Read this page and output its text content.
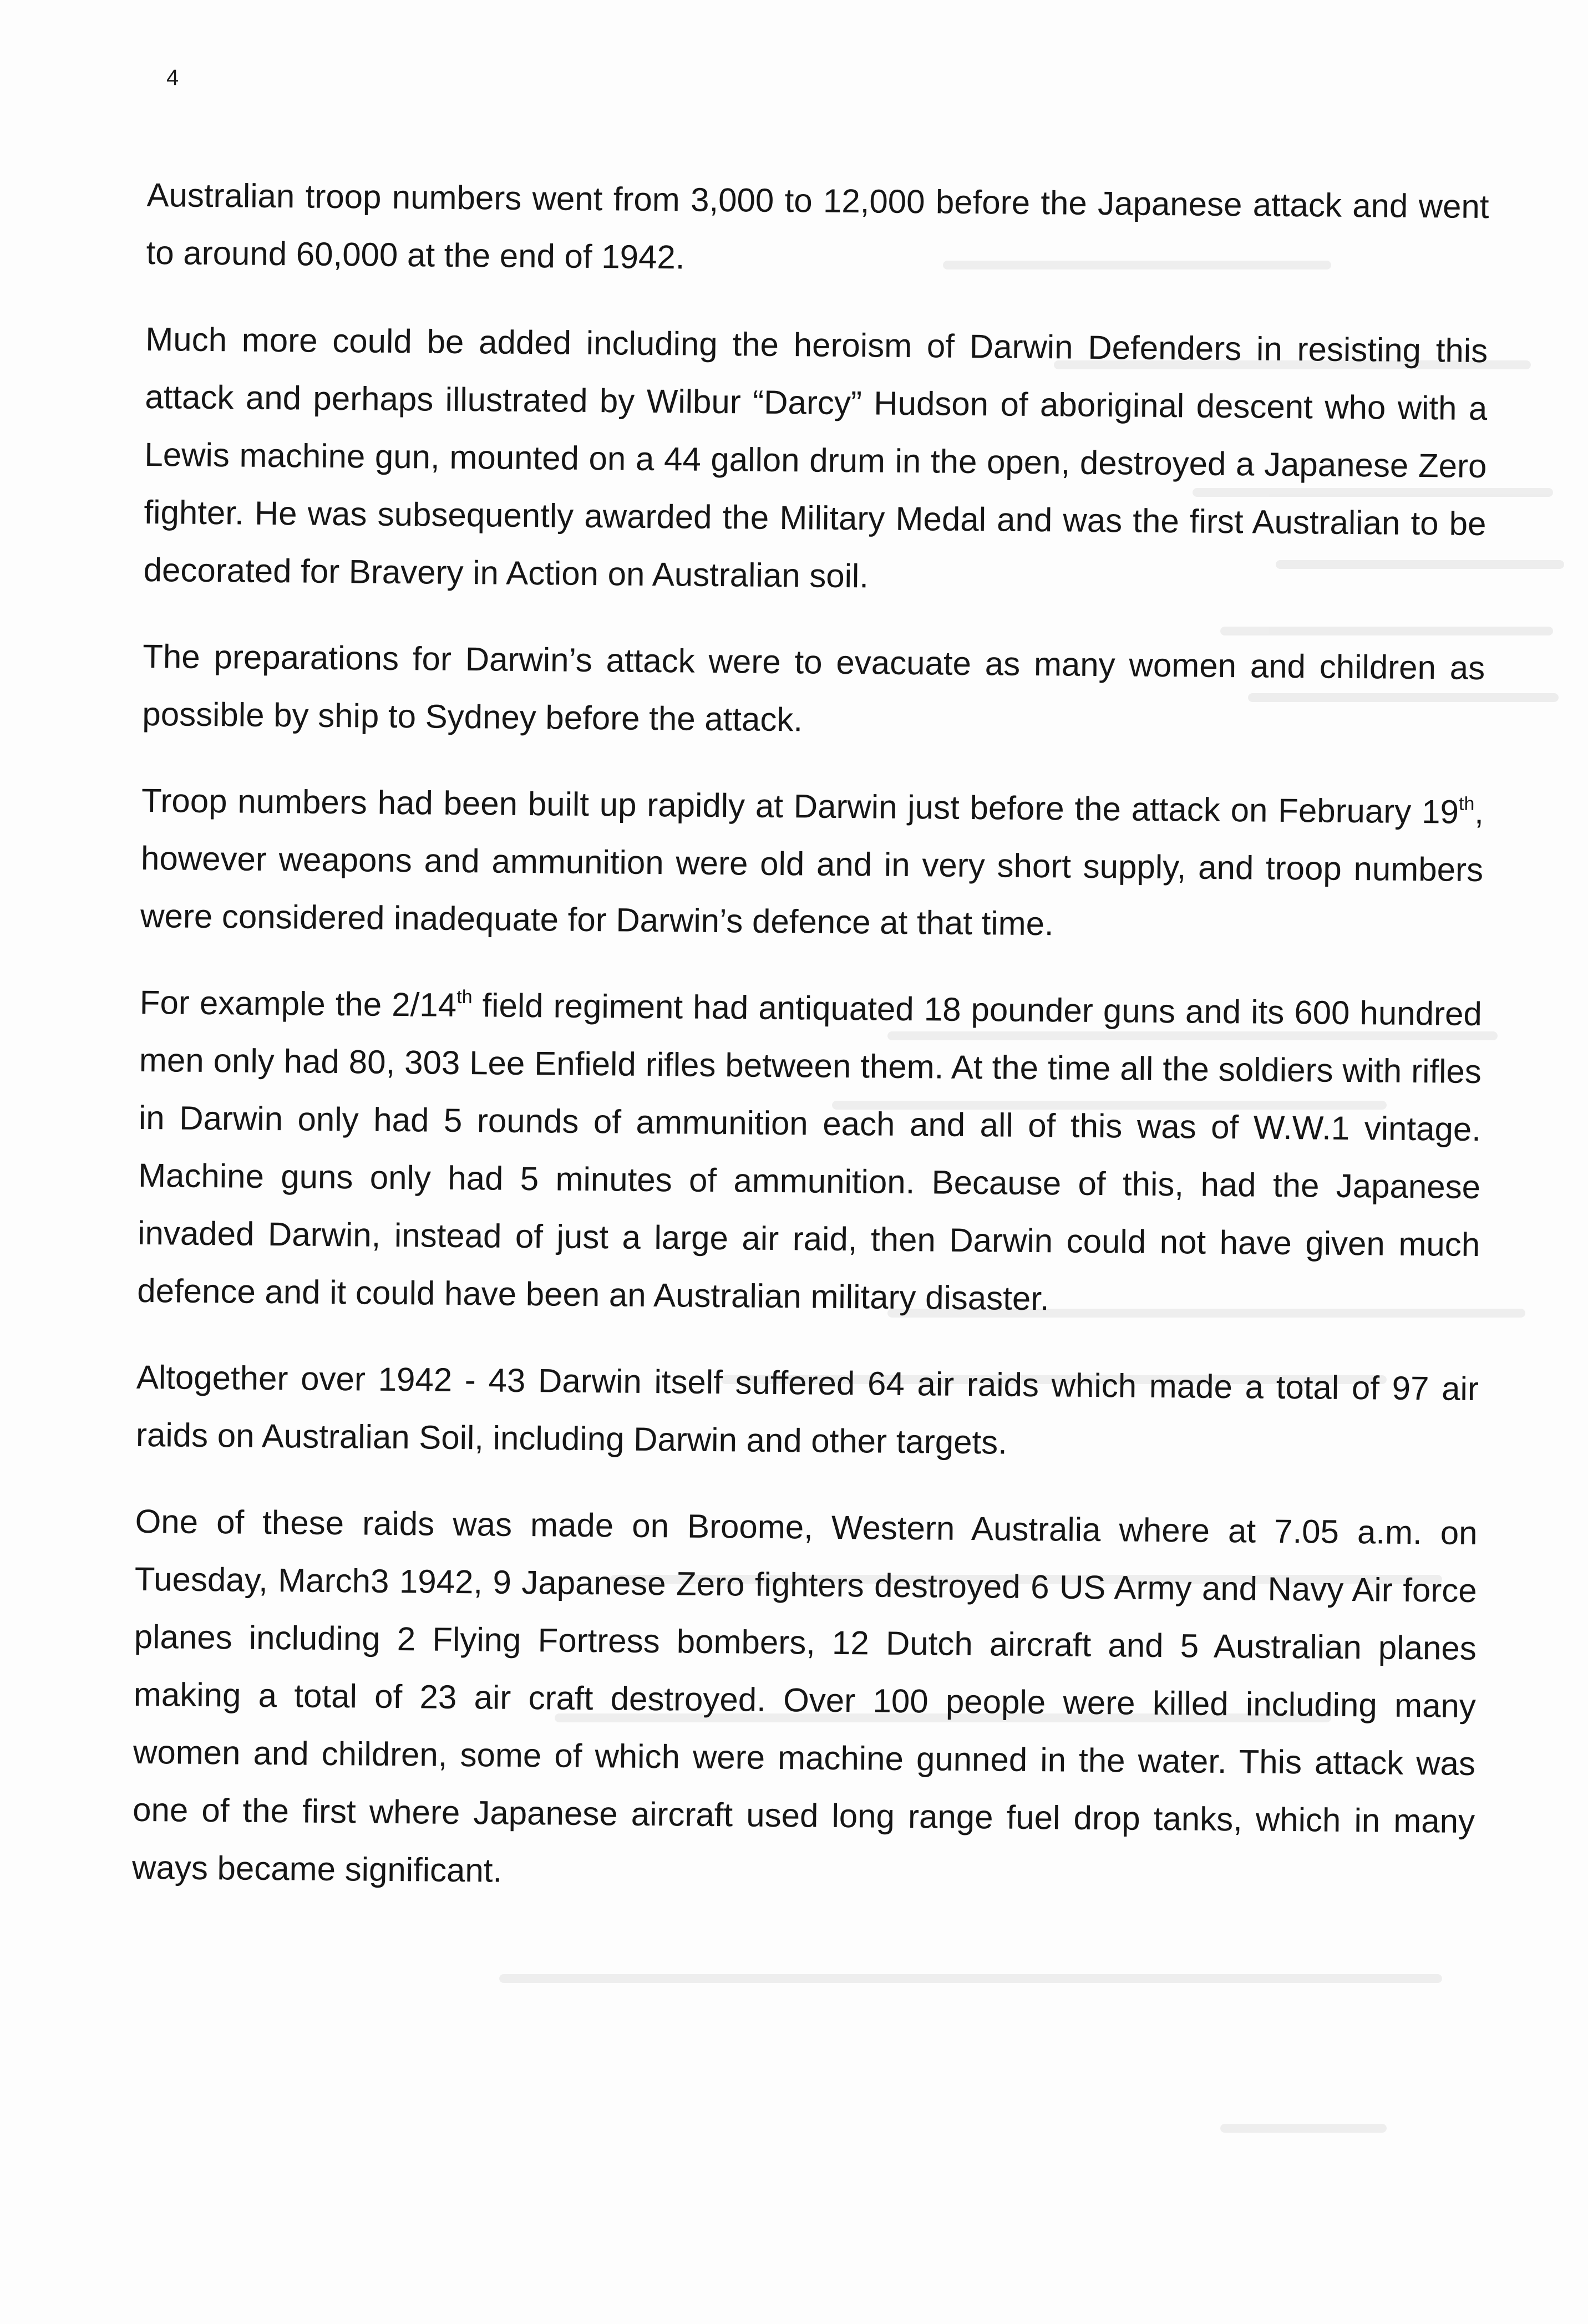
4

Australian troop numbers went from 3,000 to 12,000 before the Japanese attack and went to around 60,000 at the end of 1942.

Much more could be added including the heroism of Darwin Defenders in resisting this attack and perhaps illustrated by Wilbur “Darcy” Hudson of aboriginal descent who with a Lewis machine gun, mounted on a 44 gallon drum in the open, destroyed a Japanese Zero fighter. He was subsequently awarded the Military Medal and was the first Australian to be decorated for Bravery in Action on Australian soil.

The preparations for Darwin’s attack were to evacuate as many women and children as possible by ship to Sydney before the attack.

Troop numbers had been built up rapidly at Darwin just before the attack on February 19th, however weapons and ammunition were old and in very short supply, and troop numbers were considered inadequate for Darwin’s defence at that time.

For example the 2/14th field regiment had antiquated 18 pounder guns and its 600 hundred men only had 80, 303 Lee Enfield rifles between them. At the time all the soldiers with rifles in Darwin only had 5 rounds of ammunition each and all of this was of W.W.1 vintage. Machine guns only had 5 minutes of ammunition. Because of this, had the Japanese invaded Darwin, instead of just a large air raid, then Darwin could not have given much defence and it could have been an Australian military disaster.

Altogether over 1942 - 43 Darwin itself suffered 64 air raids which made a total of 97 air raids on Australian Soil, including Darwin and other targets.

One of these raids was made on Broome, Western Australia where at 7.05 a.m. on Tuesday, March3 1942, 9 Japanese Zero fighters destroyed 6 US Army and Navy Air force planes including 2 Flying Fortress bombers, 12 Dutch aircraft and 5 Australian planes making a total of 23 air craft destroyed. Over 100 people were killed including many women and children, some of which were machine gunned in the water. This attack was one of the first where Japanese aircraft used long range fuel drop tanks, which in many ways became significant.
